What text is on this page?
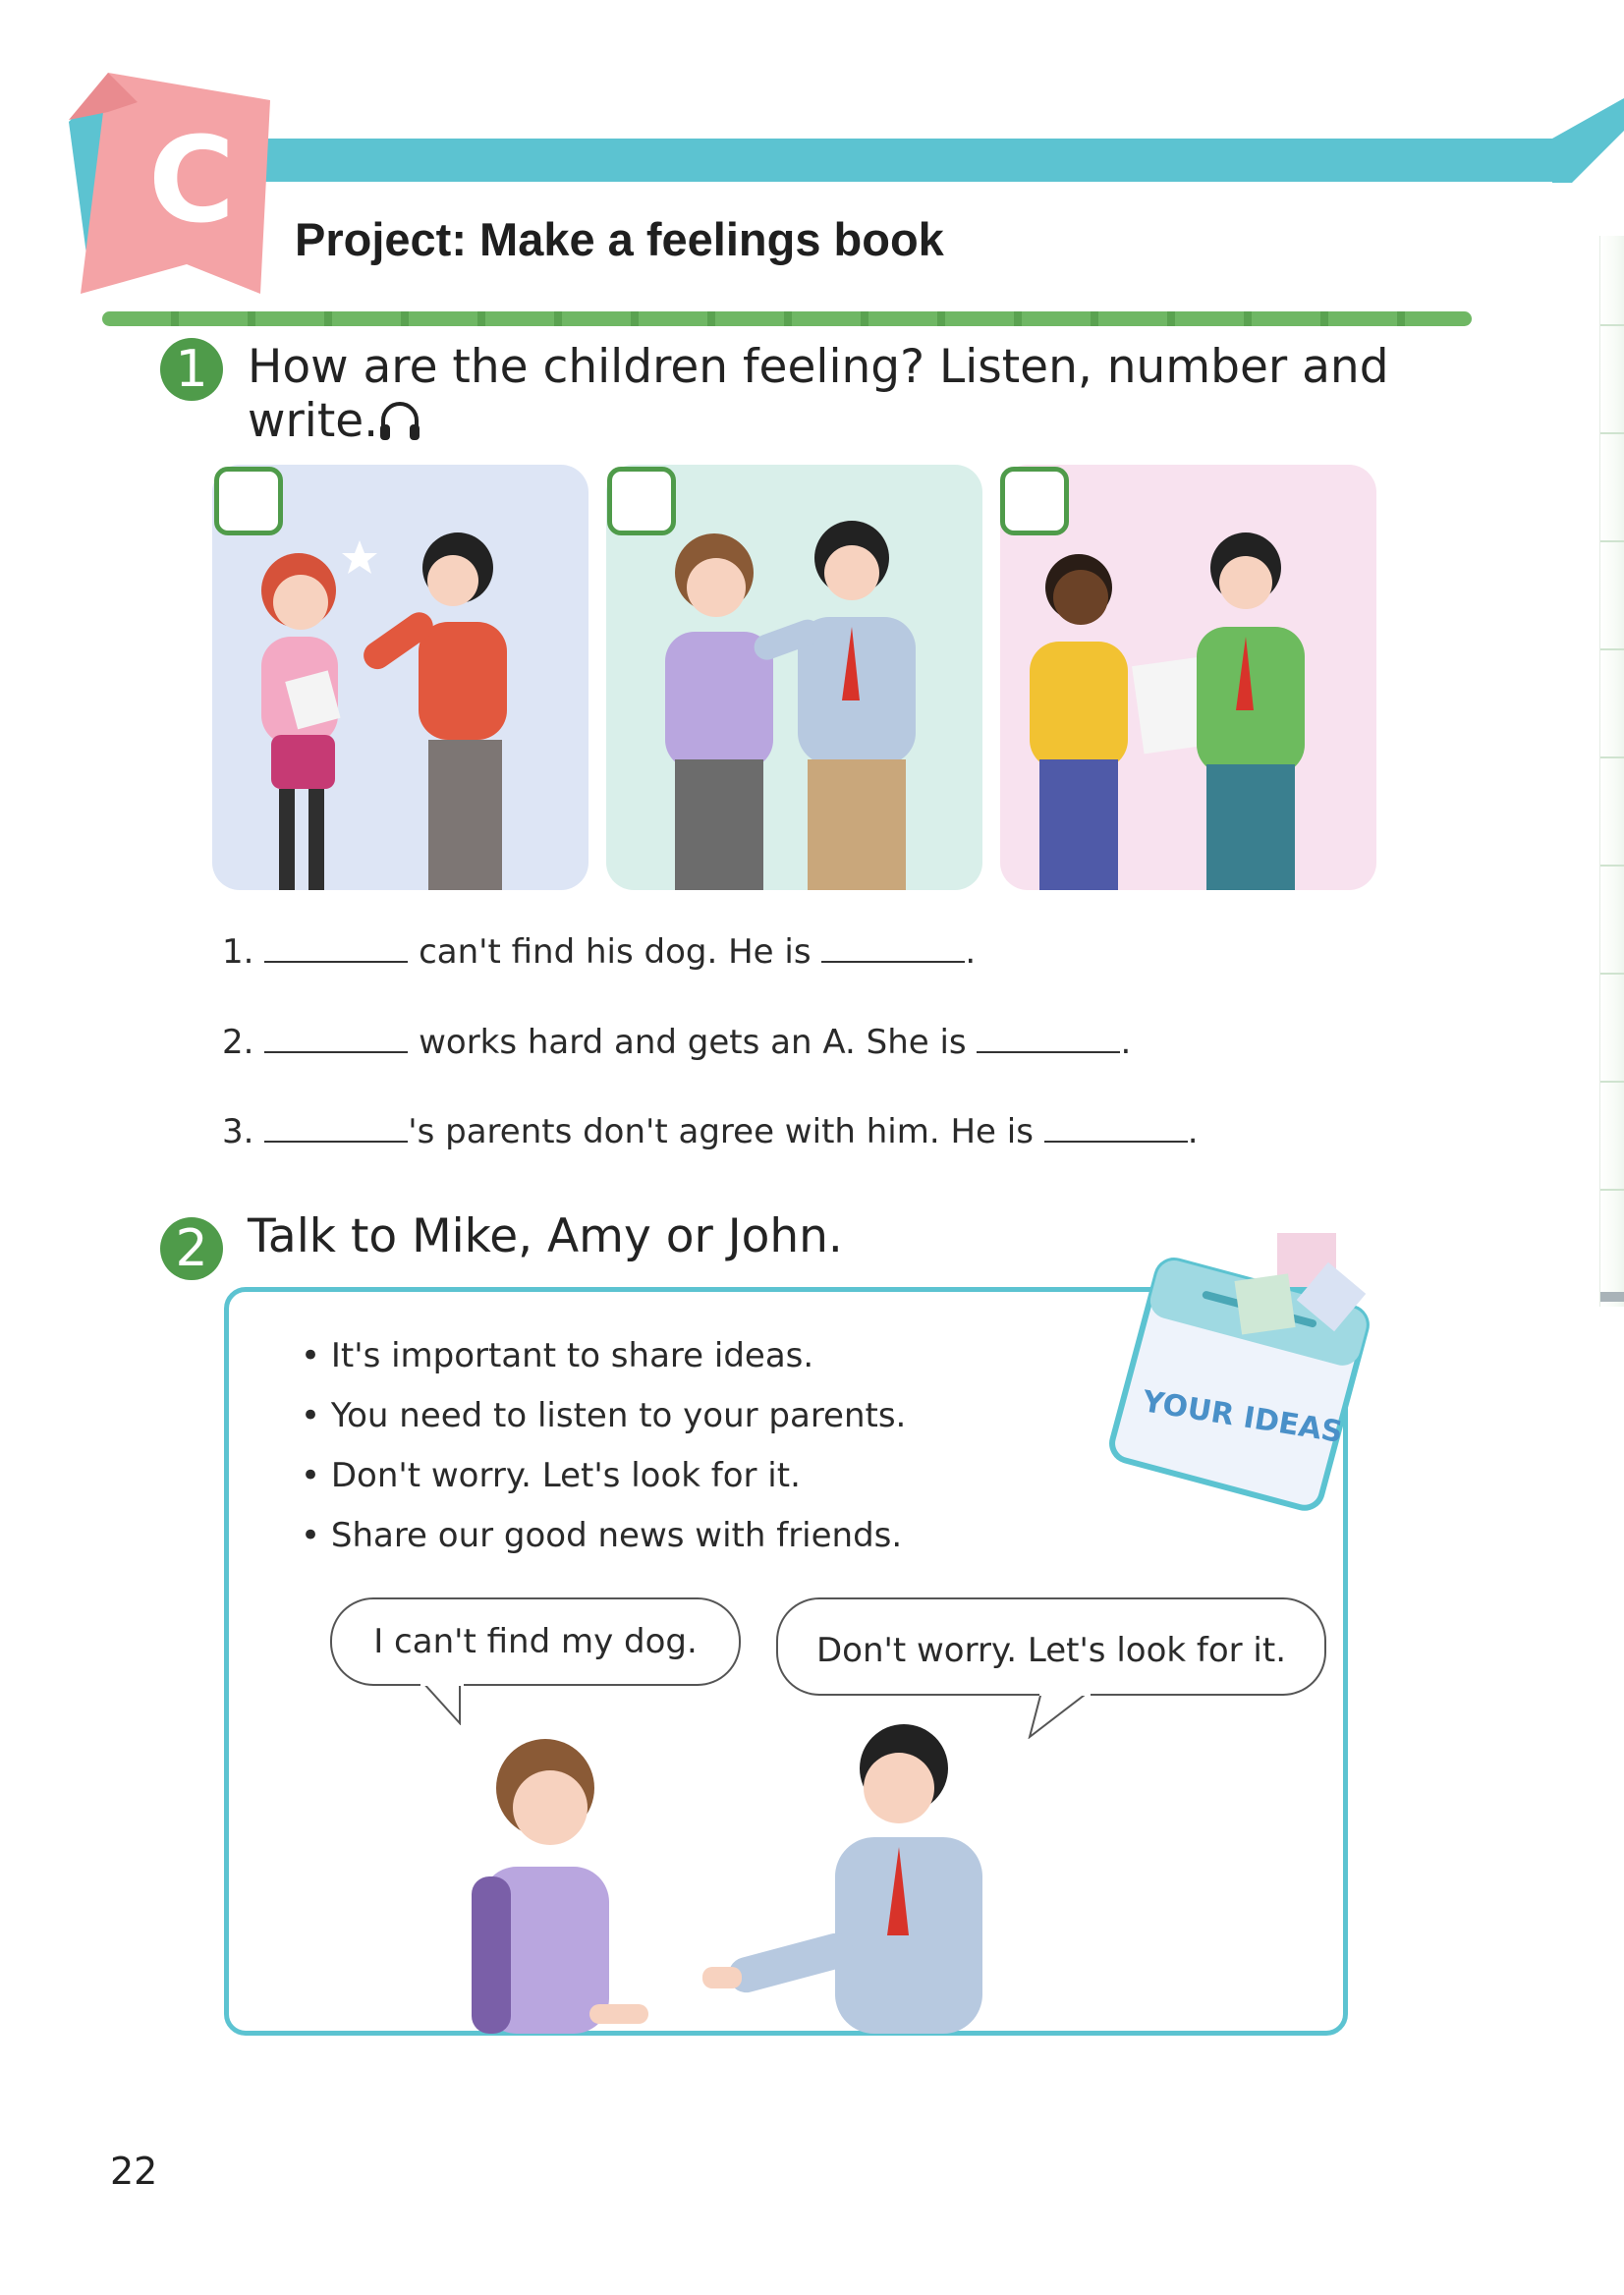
C	Project: Make a feelings book
1 How are the children feeling? Listen, number and
write.
1.	can't find his dog. He is	.
2.	works hard and gets an A. She is	.
3.	's parents don't agree with him. He is	.
2 Talk to Mike, Amy or John.
• It's important to share ideas.
• You need to listen to your parents.
• Don't worry. Let's look for it.
• Share our good news with friends.
YOUR IDEAS
I can't find my dog.	Don't worry. Let's look for it.
22
